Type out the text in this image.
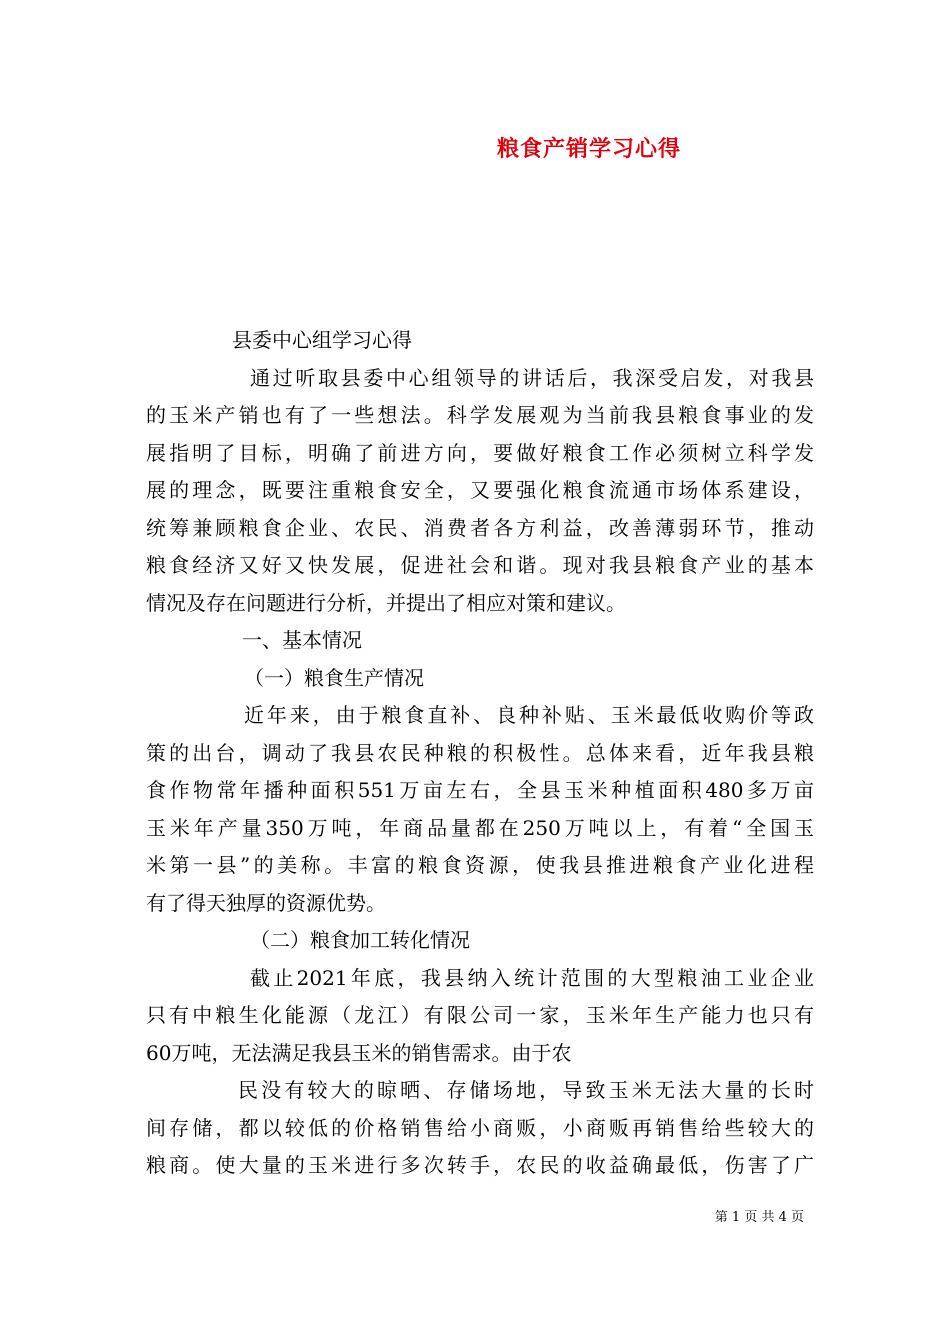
粮食产销学习心得
县委中心组学习心得
通过听取县委中心组领导的讲话后，我深受启发，对我县
的玉米产销也有了一些想法。科学发展观为当前我县粮食事业的发
展指明了目标，明确了前进方向，要做好粮食工作必须树立科学发
展的理念，既要注重粮食安全，又要强化粮食流通市场体系建设，
统筹兼顾粮食企业、农民、消费者各方利益，改善薄弱环节，推动
粮食经济又好又快发展，促进社会和谐。现对我县粮食产业的基本
情况及存在问题进行分析，并提出了相应对策和建议。
一、基本情况
（一）粮食生产情况
近年来，由于粮食直补、良种补贴、玉米最低收购价等政
策的出台，调动了我县农民种粮的积极性。总体来看，近年我县粮
食作物常年播种面积551万亩左右，全县玉米种植面积480多万亩
玉米年产量350万吨，年商品量都在250万吨以上，有着“全国玉
米第一县”的美称。丰富的粮食资源，使我县推进粮食产业化进程
有了得天独厚的资源优势。
（二）粮食加工转化情况
截止2021年底，我县纳入统计范围的大型粮油工业企业
只有中粮生化能源（龙江）有限公司一家，玉米年生产能力也只有
60万吨，无法满足我县玉米的销售需求。由于农
民没有较大的晾晒、存储场地，导致玉米无法大量的长时
间存储，都以较低的价格销售给小商贩，小商贩再销售给些较大的
粮商。使大量的玉米进行多次转手，农民的收益确最低，伤害了广
第 1 页 共 4 页
